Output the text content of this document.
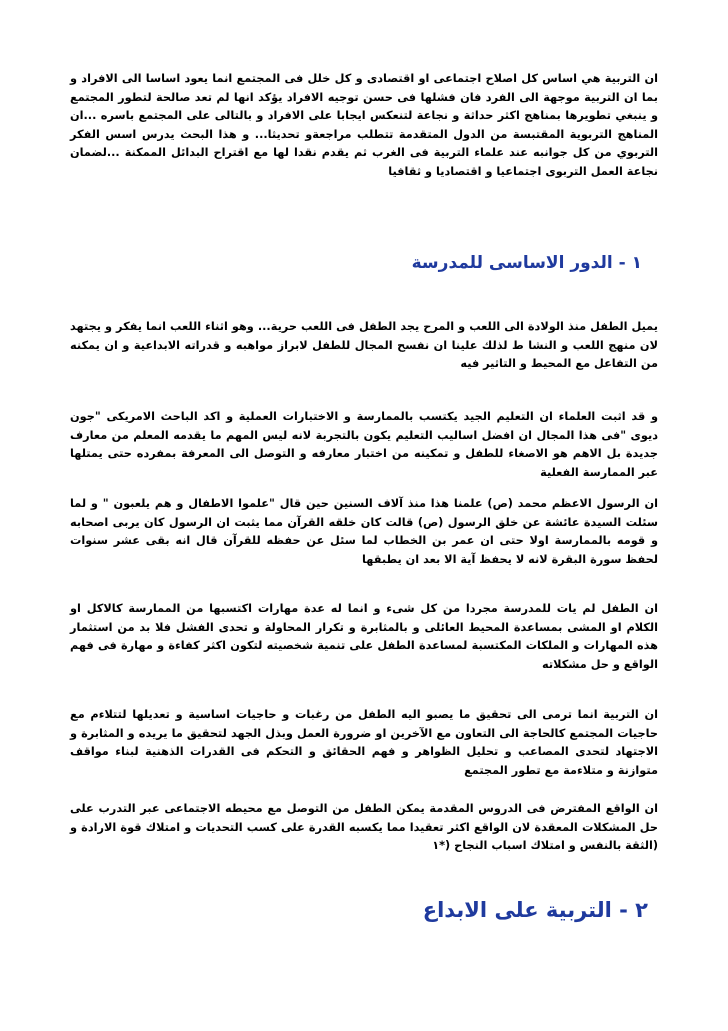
ان التربية هي اساس كل اصلاح اجتماعى او اقتصادى و كل خلل فى المجتمع انما يعود اساسا الى الافراد و بما ان التربية موجهة الى الفرد فان فشلها فى حسن توجيه الافراد يؤكد انها لم تعد صالحة لتطور المجتمع و ينبغي تطويرها بمناهج اكثر حداثة و نجاعة لتنعكس ايجابا على الافراد و بالتالى على المجتمع باسره ...ان المناهج التربوية المقتبسة من الدول المتقدمة تتطلب مراجعةو تحديثا... و هذا البحث يدرس اسس الفكر التربوي من كل جوانبه عند علماء التربية فى الغرب ثم يقدم نقدا لها مع اقتراح البدائل الممكنة ...لضمان نجاعة العمل التربوى اجتماعيا و اقتصاديا و ثقافيا

١ - الدور الاساسى للمدرسة

يميل الطفل منذ الولادة الى اللعب و المرح يجد الطفل فى اللعب حرية... وهو اثناء اللعب انما يفكر و يجتهد لان منهج اللعب و النشا ط لذلك علينا ان نفسح المجال للطفل لابراز مواهبه و قدراته الابداعية و ان يمكنه من التفاعل مع المحيط و التاثير فيه

و قد اثبت العلماء ان التعليم الجيد يكتسب بالممارسة و الاختبارات العملية و اكد الباحث الامريكى "جون ديوى "فى هذا المجال ان افضل اساليب التعليم يكون بالتجربة لانه ليس المهم ما يقدمه المعلم من معارف جديدة بل الاهم هو الاصغاء للطفل و تمكينه من اختبار معارفه و التوصل الى المعرفة بمفرده حتى يمتلها عبر الممارسة الفعلية

ان الرسول الاعظم محمد (ص) علمنا هذا منذ آلاف السنين حين قال "علموا الاطفال و هم يلعبون " و لما سئلت السيدة عائشة عن خلق الرسول (ص) قالت كان خلقه القرآن مما يثبت ان الرسول كان يربى اصحابه و قومه بالممارسة اولا حتى ان عمر بن الخطاب لما سئل عن حفظه للقرآن قال انه بقى عشر سنوات لحفظ سورة البقرة لانه لا يحفظ آية الا بعد ان يطبقها

ان الطفل لم يات للمدرسة مجردا من كل شىء و انما له عدة مهارات اكتسبها من الممارسة كالاكل او الكلام او المشى بمساعدة المحيط العائلى و بالمثابرة و تكرار المحاولة و تحدى الفشل فلا بد من استثمار هذه المهارات و الملكات المكتسبة لمساعدة الطفل على تنمية شخصيته لتكون اكثر كفاءة و مهارة فى فهم الواقع و حل مشكلاته

ان التربية انما ترمى الى تحقيق ما يصبو اليه الطفل من رغبات و حاجيات اساسية و تعديلها لتتلاءم مع حاجيات المجتمع كالحاجة الى التعاون مع الآخرين او ضرورة العمل وبذل الجهد لتحقيق ما يريده و المثابرة و الاجتهاد لتحدى المصاعب و تحليل الظواهر و فهم الحقائق و التحكم فى القدرات الذهنية لبناء مواقف متوازنة و متلاءمة مع تطور المجتمع

ان الواقع المفترض فى الدروس المقدمة يمكن الطفل من التوصل مع محيطه الاجتماعى عبر التدرب على حل المشكلات المعقدة لان الواقع اكثر تعقيدا مما يكسبه القدرة على كسب التحديات و امتلاك قوة الارادة و (الثقة بالنفس و امتلاك اسباب النجاح (*١

٢ - التربية على الابداع
